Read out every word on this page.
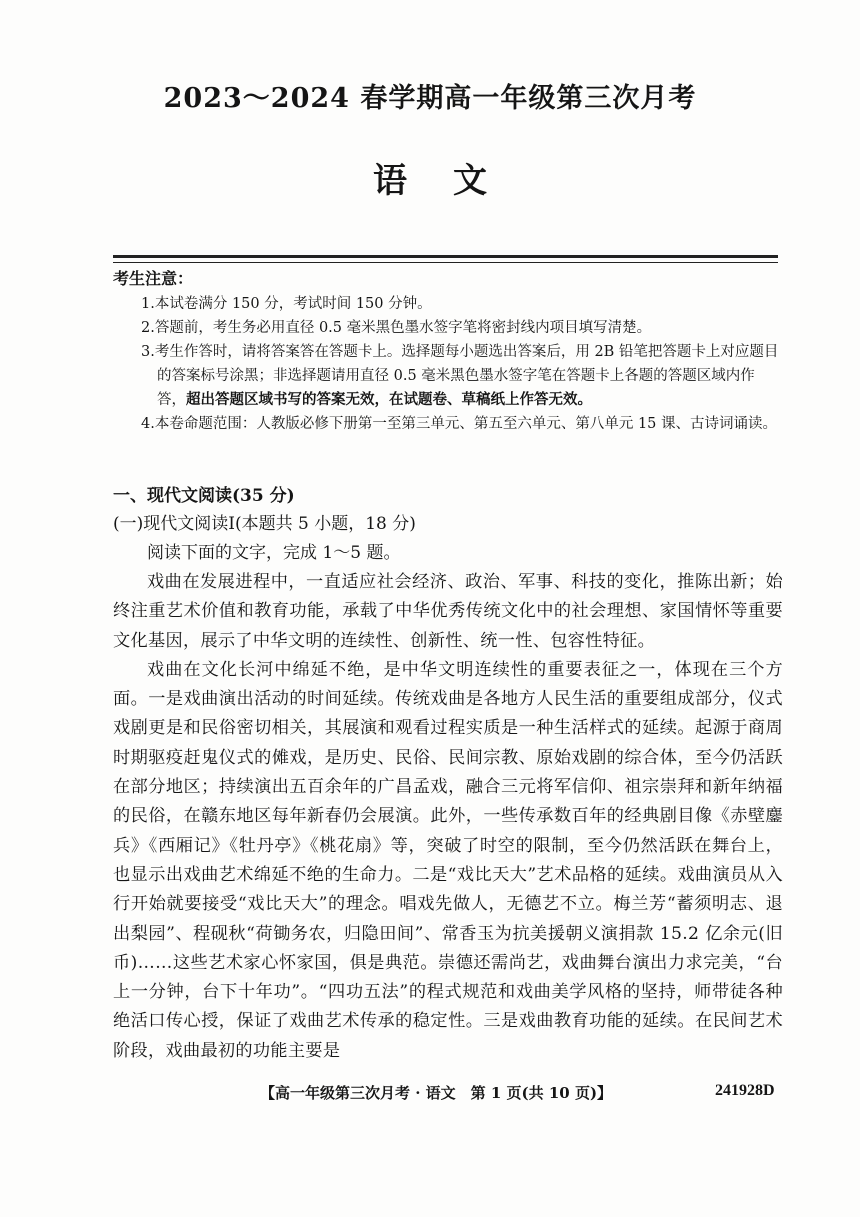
2023～2024 春学期高一年级第三次月考
语文

考生注意：

1.本试卷满分 150 分，考试时间 150 分钟。

2.答题前，考生务必用直径 0.5 毫米黑色墨水签字笔将密封线内项目填写清楚。

3.考生作答时，请将答案答在答题卡上。选择题每小题选出答案后，用 2B 铅笔把答题卡上对应题目的答案标号涂黑；非选择题请用直径 0.5 毫米黑色墨水签字笔在答题卡上各题的答题区域内作答，超出答题区域书写的答案无效，在试题卷、草稿纸上作答无效。

4.本卷命题范围：人教版必修下册第一至第三单元、第五至六单元、第八单元 15 课、古诗词诵读。

一、现代文阅读(35 分)

(一)现代文阅读Ⅰ(本题共 5 小题，18 分)

阅读下面的文字，完成 1～5 题。

戏曲在发展进程中，一直适应社会经济、政治、军事、科技的变化，推陈出新；始终注重艺术价值和教育功能，承载了中华优秀传统文化中的社会理想、家国情怀等重要文化基因，展示了中华文明的连续性、创新性、统一性、包容性特征。

戏曲在文化长河中绵延不绝，是中华文明连续性的重要表征之一，体现在三个方面。一是戏曲演出活动的时间延续。传统戏曲是各地方人民生活的重要组成部分，仪式戏剧更是和民俗密切相关，其展演和观看过程实质是一种生活样式的延续。起源于商周时期驱疫赶鬼仪式的傩戏，是历史、民俗、民间宗教、原始戏剧的综合体，至今仍活跃在部分地区；持续演出五百余年的广昌孟戏，融合三元将军信仰、祖宗崇拜和新年纳福的民俗，在赣东地区每年新春仍会展演。此外，一些传承数百年的经典剧目像《赤壁鏖兵》《西厢记》《牡丹亭》《桃花扇》等，突破了时空的限制，至今仍然活跃在舞台上，也显示出戏曲艺术绵延不绝的生命力。二是“戏比天大”艺术品格的延续。戏曲演员从入行开始就要接受“戏比天大”的理念。唱戏先做人，无德艺不立。梅兰芳“蓄须明志、退出梨园”、程砚秋“荷锄务农，归隐田间”、常香玉为抗美援朝义演捐款 15.2 亿余元(旧币)……这些艺术家心怀家国，俱是典范。崇德还需尚艺，戏曲舞台演出力求完美，“台上一分钟，台下十年功”。“四功五法”的程式规范和戏曲美学风格的坚持，师带徒各种绝活口传心授，保证了戏曲艺术传承的稳定性。三是戏曲教育功能的延续。在民间艺术阶段，戏曲最初的功能主要是

【高一年级第三次月考 · 语文　第 1 页(共 10 页)】	241928D
